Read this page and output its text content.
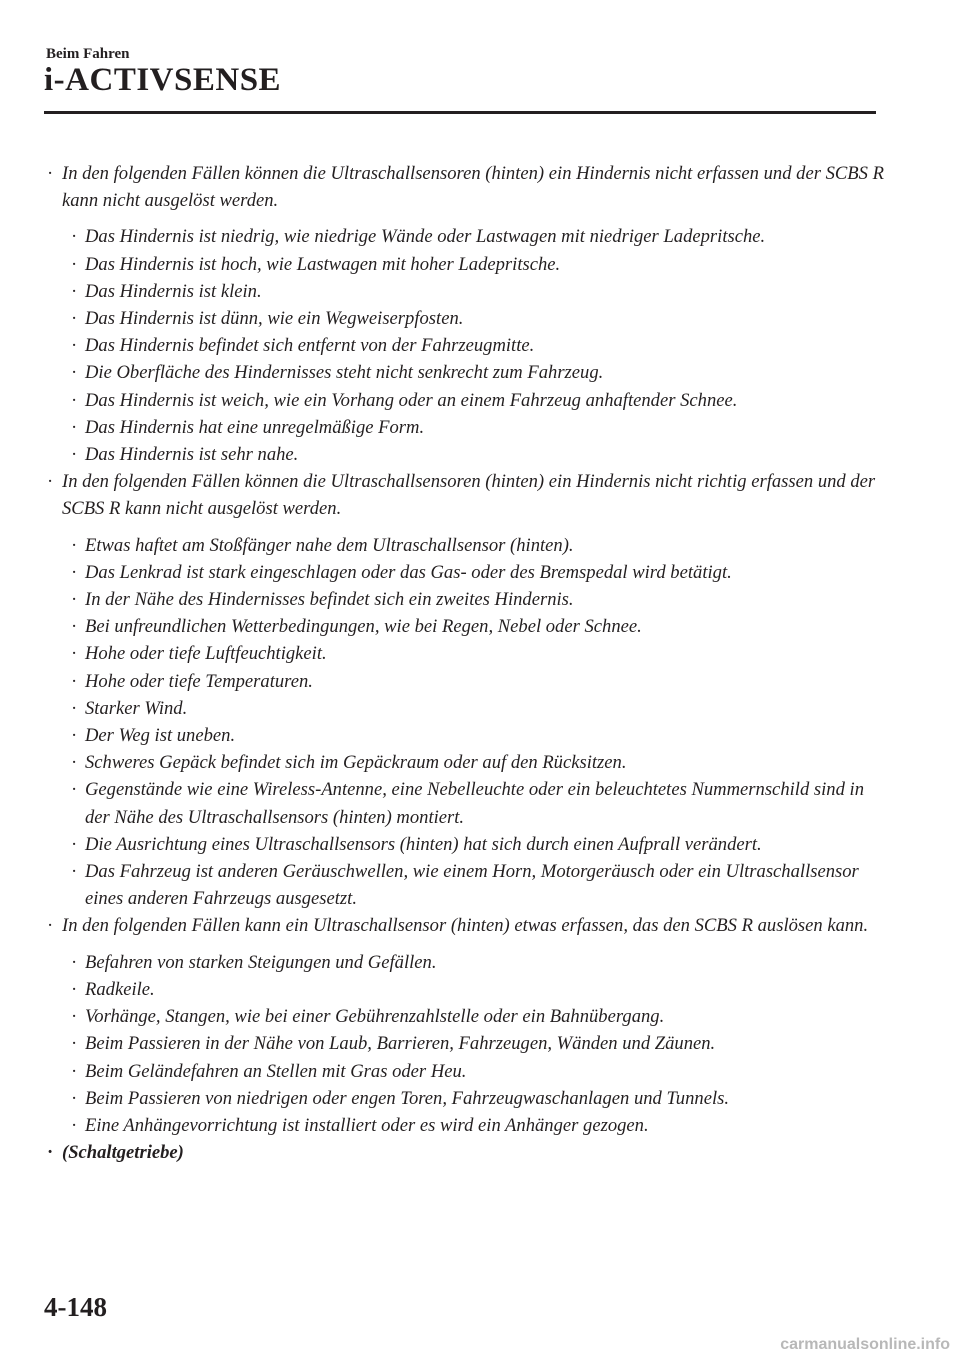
Beim Fahren
i-ACTIVSENSE
· In den folgenden Fällen können die Ultraschallsensoren (hinten) ein Hindernis nicht erfassen und der SCBS R kann nicht ausgelöst werden.
· Das Hindernis ist niedrig, wie niedrige Wände oder Lastwagen mit niedriger Ladepritsche.
· Das Hindernis ist hoch, wie Lastwagen mit hoher Ladepritsche.
· Das Hindernis ist klein.
· Das Hindernis ist dünn, wie ein Wegweiserpfosten.
· Das Hindernis befindet sich entfernt von der Fahrzeugmitte.
· Die Oberfläche des Hindernisses steht nicht senkrecht zum Fahrzeug.
· Das Hindernis ist weich, wie ein Vorhang oder an einem Fahrzeug anhaftender Schnee.
· Das Hindernis hat eine unregelmäßige Form.
· Das Hindernis ist sehr nahe.
· In den folgenden Fällen können die Ultraschallsensoren (hinten) ein Hindernis nicht richtig erfassen und der SCBS R kann nicht ausgelöst werden.
· Etwas haftet am Stoßfänger nahe dem Ultraschallsensor (hinten).
· Das Lenkrad ist stark eingeschlagen oder das Gas- oder des Bremspedal wird betätigt.
· In der Nähe des Hindernisses befindet sich ein zweites Hindernis.
· Bei unfreundlichen Wetterbedingungen, wie bei Regen, Nebel oder Schnee.
· Hohe oder tiefe Luftfeuchtigkeit.
· Hohe oder tiefe Temperaturen.
· Starker Wind.
· Der Weg ist uneben.
· Schweres Gepäck befindet sich im Gepäckraum oder auf den Rücksitzen.
· Gegenstände wie eine Wireless-Antenne, eine Nebelleuchte oder ein beleuchtetes Nummernschild sind in der Nähe des Ultraschallsensors (hinten) montiert.
· Die Ausrichtung eines Ultraschallsensors (hinten) hat sich durch einen Aufprall verändert.
· Das Fahrzeug ist anderen Geräuschwellen, wie einem Horn, Motorgeräusch oder ein Ultraschallsensor eines anderen Fahrzeugs ausgesetzt.
· In den folgenden Fällen kann ein Ultraschallsensor (hinten) etwas erfassen, das den SCBS R auslösen kann.
· Befahren von starken Steigungen und Gefällen.
· Radkeile.
· Vorhänge, Stangen, wie bei einer Gebührenzahlstelle oder ein Bahnübergang.
· Beim Passieren in der Nähe von Laub, Barrieren, Fahrzeugen, Wänden und Zäunen.
· Beim Geländefahren an Stellen mit Gras oder Heu.
· Beim Passieren von niedrigen oder engen Toren, Fahrzeugwaschanlagen und Tunnels.
· Eine Anhängevorrichtung ist installiert oder es wird ein Anhänger gezogen.
· (Schaltgetriebe)
4-148
carmanualsonline.info
